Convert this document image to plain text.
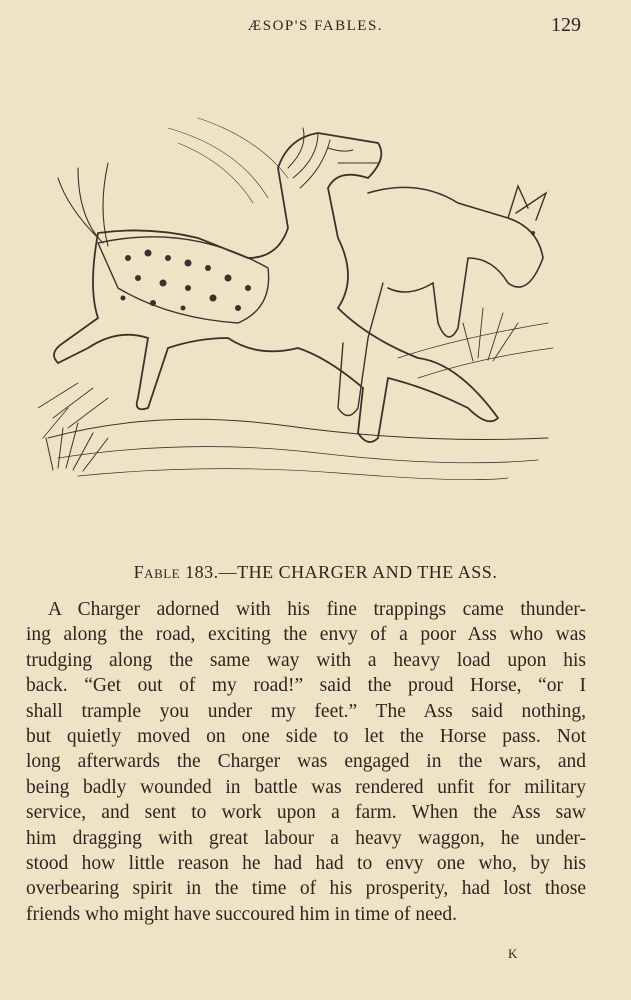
ÆSOP'S FABLES.	129
Fable 183.—THE CHARGER AND THE ASS.
A Charger adorned with his fine trappings came thunder-
ing along the road, exciting the envy of a poor Ass who was
trudging along the same way with a heavy load upon his
back. “Get out of my road!” said the proud Horse, “or I
shall trample you under my feet.” The Ass said nothing,
but quietly moved on one side to let the Horse pass. Not
long afterwards the Charger was engaged in the wars, and
being badly wounded in battle was rendered unfit for military
service, and sent to work upon a farm. When the Ass saw
him dragging with great labour a heavy waggon, he under-
stood how little reason he had had to envy one who, by his
overbearing spirit in the time of his prosperity, had lost those
friends who might have succoured him in time of need.
K
